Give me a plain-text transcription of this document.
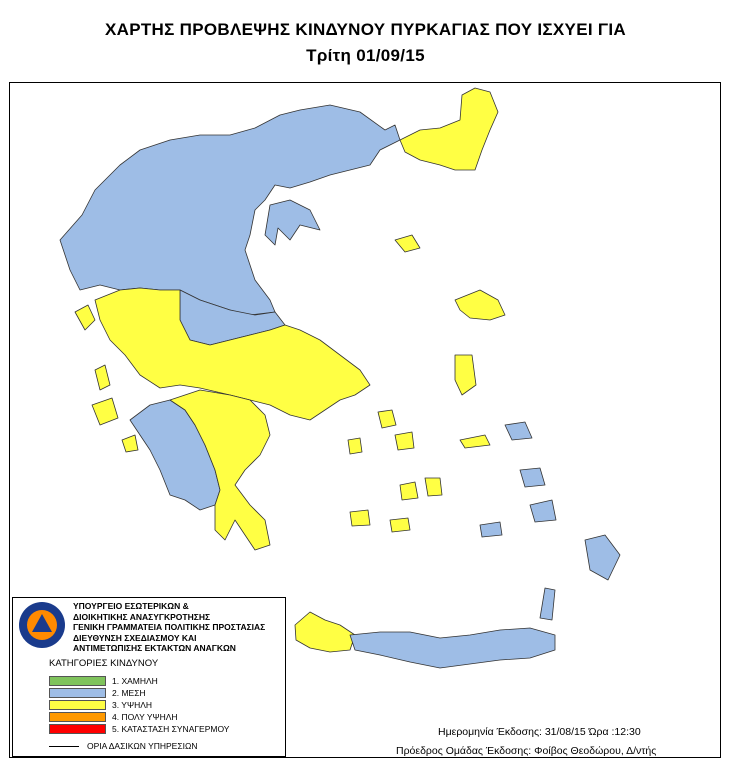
ΧΑΡΤΗΣ ΠΡΟΒΛΕΨΗΣ ΚΙΝΔΥΝΟΥ ΠΥΡΚΑΓΙΑΣ ΠΟΥ ΙΣΧΥΕΙ ΓΙΑ
Τρίτη 01/09/15
ΥΠΟΥΡΓΕΙΟ ΕΣΩΤΕΡΙΚΩΝ &
ΔΙΟΙΚΗΤΙΚΗΣ ΑΝΑΣΥΓΚΡΟΤΗΣΗΣ
ΓΕΝΙΚΗ ΓΡΑΜΜΑΤΕΙΑ ΠΟΛΙΤΙΚΗΣ ΠΡΟΣΤΑΣΙΑΣ
ΔΙΕΥΘΥΝΣΗ ΣΧΕΔΙΑΣΜΟΥ ΚΑΙ
ΑΝΤΙΜΕΤΩΠΙΣΗΣ ΕΚΤΑΚΤΩΝ ΑΝΑΓΚΩΝ
ΚΑΤΗΓΟΡΙΕΣ ΚΙΝΔΥΝΟΥ
1. ΧΑΜΗΛΗ
2. ΜΕΣΗ
3. ΥΨΗΛΗ
4. ΠΟΛΥ ΥΨΗΛΗ
5. ΚΑΤΑΣΤΑΣΗ ΣΥΝΑΓΕΡΜΟΥ
ΟΡΙΑ ΔΑΣΙΚΩΝ ΥΠΗΡΕΣΙΩΝ
Ημερομηνία Έκδοσης: 31/08/15 Ώρα :12:30
Πρόεδρος Ομάδας Έκδοσης: Φοίβος Θεοδώρου, Δ/ντής
